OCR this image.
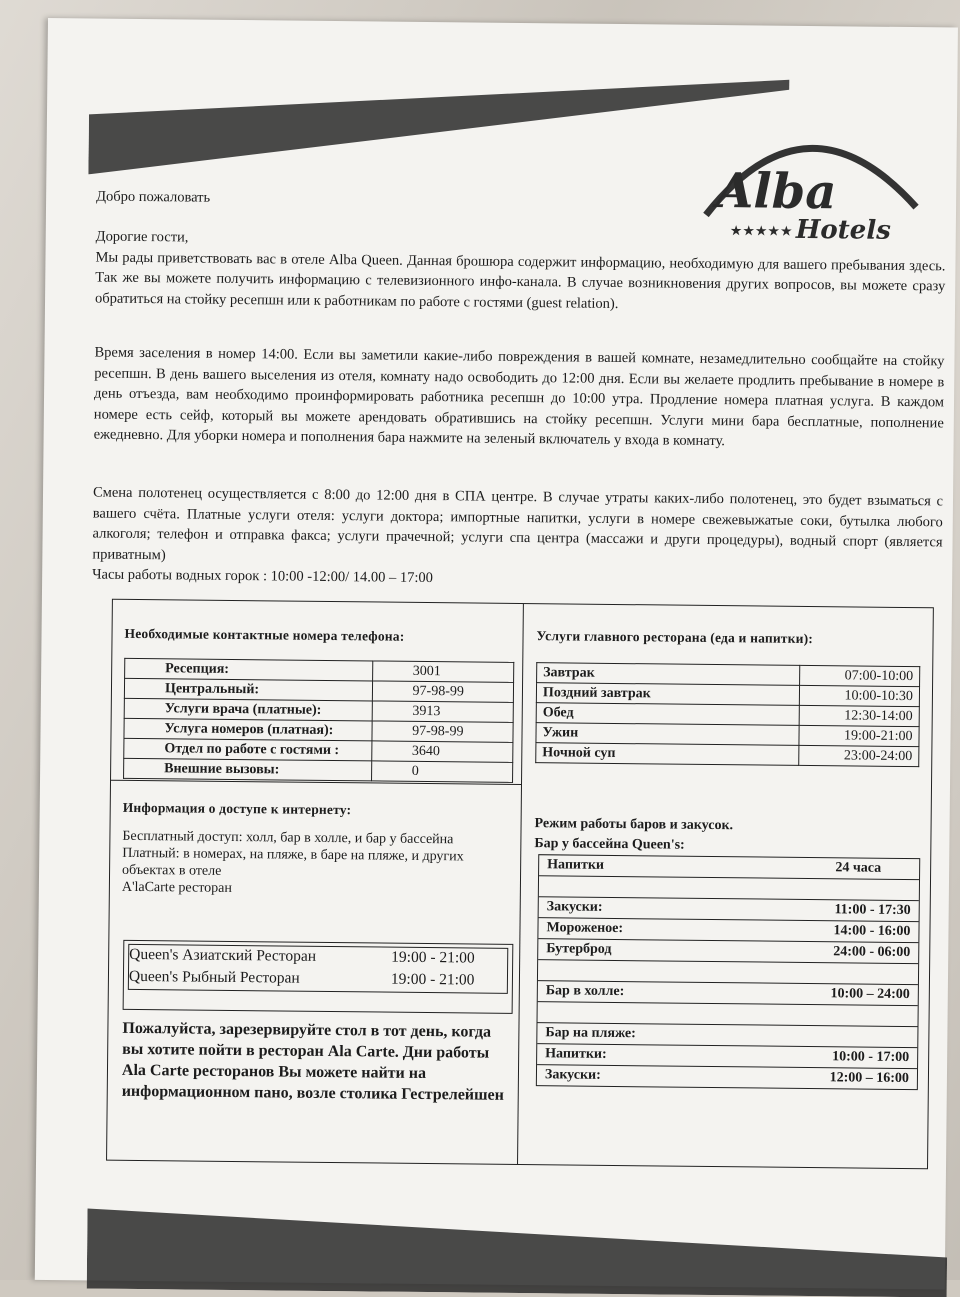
Alba
Hotels
★★★★★
Добро пожаловать
Дорогие гости,
Мы рады приветствовать вас в отеле Alba Queen. Данная брошюра содержит информацию, необходимую для вашего пребывания здесь. Так же вы можете получить информацию с телевизионного инфо-канала. В случае возникновения других вопросов, вы можете сразу обратиться на стойку ресепшн или к работникам по работе с гостями (guest relation).
Время заселения в номер 14:00. Если вы заметили какие-либо повреждения в вашей комнате, незамедлительно сообщайте на стойку ресепшн. В день вашего выселения из отеля, комнату надо освободить до 12:00 дня. Если вы желаете продлить пребывание в номере в день отъезда, вам необходимо проинформировать работника ресепшн до 10:00 утра. Продление номера платная услуга. В каждом номере есть сейф, который вы можете арендовать обратившись на стойку ресепшн. Услуги мини бара бесплатные, пополнение ежедневно. Для уборки номера и пополнения бара нажмите на зеленый включатель у входа в комнату.
Смена полотенец осуществляется с 8:00 до 12:00 дня в СПА центре. В случае утраты каких-либо полотенец, это будет взыматься с вашего счёта. Платные услуги отеля: услуги доктора; импортные напитки, услуги в номере свежевыжатые соки, бутылка любого алкоголя; телефон и отправка факса; услуги прачечной; услуги спа центра (массажи и други процедуры), водный спорт (является приватным)
Часы работы водных горок : 10:00 -12:00/ 14.00 – 17:00
Необходимые контактные номера телефона:
Ресепция:	3001
Центральный:	97-98-99
Услуги врача (платные):	3913
Услуга номеров (платная):	97-98-99
Отдел по работе с гостями :	3640
Внешние вызовы:	0
Услуги главного ресторана (еда и напитки):
Завтрак	07:00-10:00
Поздний завтрак	10:00-10:30
Обед	12:30-14:00
Ужин	19:00-21:00
Ночной суп	23:00-24:00
Информация о доступе к интернету:
Бесплатный доступ: холл, бар в холле, и бар у бассейна
Платный: в номерах, на пляже, в баре на пляже, и других объектах в отеле
A'laCarte ресторан
Queen's Азиатский Ресторан	19:00 - 21:00
Queen's Рыбный Ресторан	19:00 - 21:00
Пожалуйста, зарезервируйте стол в тот день, когда вы хотите пойти в ресторан Ala Carte. Дни работы Ala Carte ресторанов Вы можете найти на информационном пано, возле столика Гестрелейшен
Режим работы баров и закусок.
Бар у бассейна Queen's:
Напитки	24 часа
Закуски:	11:00 - 17:30
Мороженое:	14:00 - 16:00
Бутерброд	24:00 - 06:00
Бар в холле:	10:00 – 24:00
Бар на пляже:
Напитки:	10:00 - 17:00
Закуски:	12:00 – 16:00
